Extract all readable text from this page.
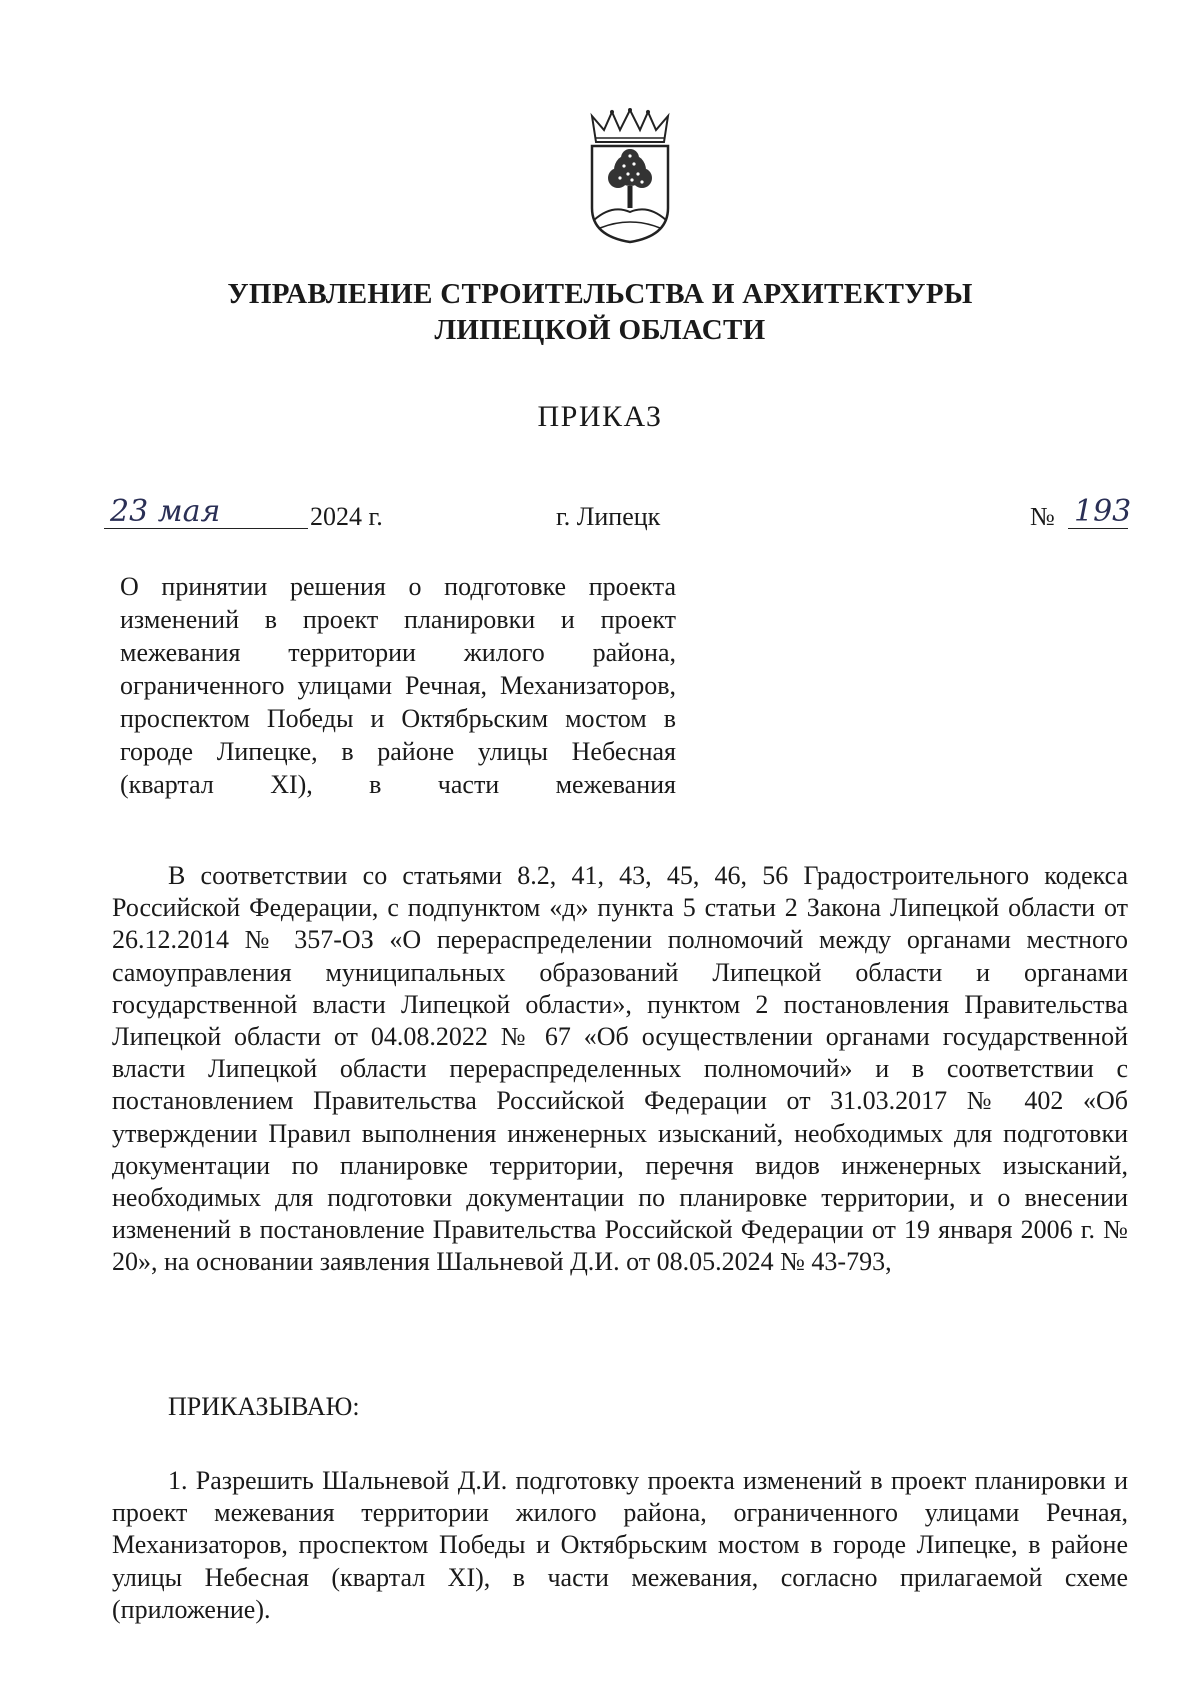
УПРАВЛЕНИЕ СТРОИТЕЛЬСТВА И АРХИТЕКТУРЫ
ЛИПЕЦКОЙ ОБЛАСТИ
ПРИКАЗ
23 мая	2024 г.	г. Липецк	№ 193
О принятии решения о подготовке проекта изменений в проект планировки и проект межевания территории жилого района, ограниченного улицами Речная, Механизаторов, проспектом Победы и Октябрьским мостом в городе Липецке, в районе улицы Небесная (квартал XI), в части межевания
В соответствии со статьями 8.2, 41, 43, 45, 46, 56 Градостроительного кодекса Российской Федерации, с подпунктом «д» пункта 5 статьи 2 Закона Липецкой области от 26.12.2014 № 357-ОЗ «О перераспределении полномочий между органами местного самоуправления муниципальных образований Липецкой области и органами государственной власти Липецкой области», пунктом 2 постановления Правительства Липецкой области от 04.08.2022 № 67 «Об осуществлении органами государственной власти Липецкой области перераспределенных полномочий» и в соответствии с постановлением Правительства Российской Федерации от 31.03.2017 № 402 «Об утверждении Правил выполнения инженерных изысканий, необходимых для подготовки документации по планировке территории, перечня видов инженерных изысканий, необходимых для подготовки документации по планировке территории, и о внесении изменений в постановление Правительства Российской Федерации от 19 января 2006 г. № 20», на основании заявления Шальневой Д.И. от 08.05.2024 № 43-793,
ПРИКАЗЫВАЮ:
1. Разрешить Шальневой Д.И. подготовку проекта изменений в проект планировки и проект межевания территории жилого района, ограниченного улицами Речная, Механизаторов, проспектом Победы и Октябрьским мостом в городе Липецке, в районе улицы Небесная (квартал XI), в части межевания, согласно прилагаемой схеме (приложение).
